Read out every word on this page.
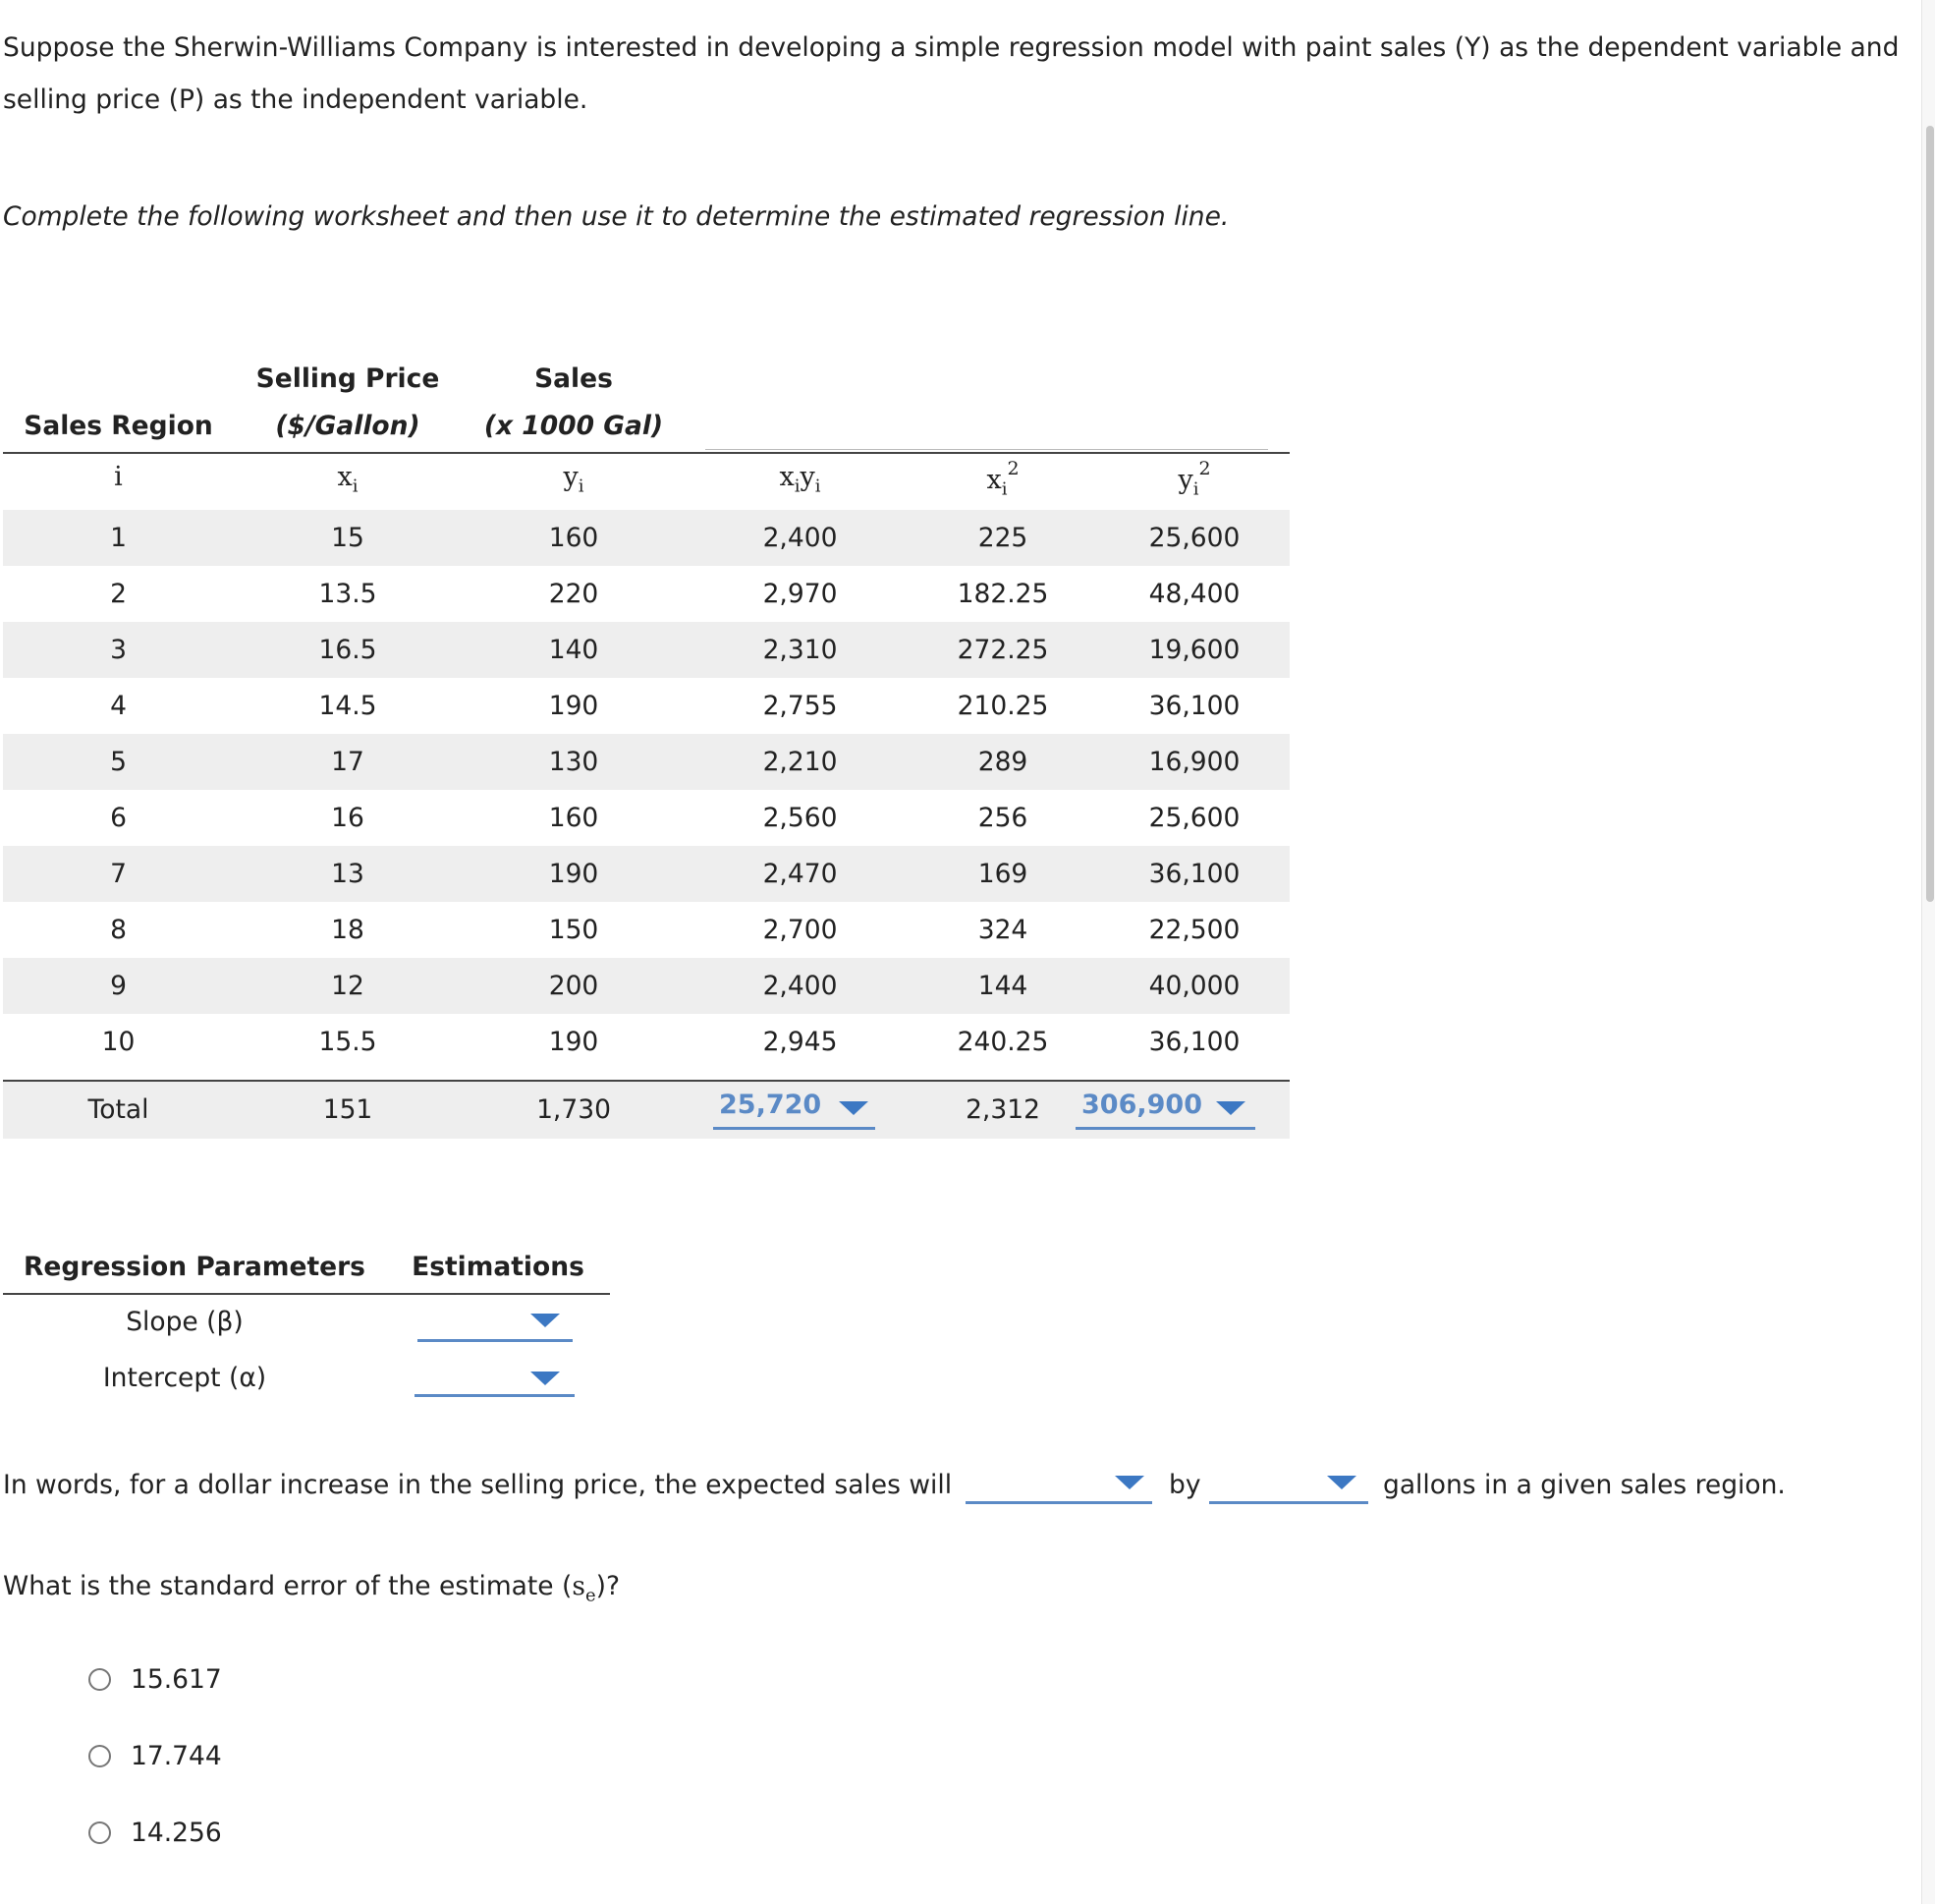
Suppose the Sherwin-Williams Company is interested in developing a simple regression model with paint sales (Y) as the dependent variable and selling price (P) as the independent variable.
Complete the following worksheet and then use it to determine the estimated regression line.
Selling Price	Sales
Sales Region	($/Gallon)	(x 1000 Gal)
i	$x_i$	$y_i$	$x_iy_i$	$x_i^2$	$y_i^2$
1	15	160	2,400	225	25,600
2	13.5	220	2,970	182.25	48,400
3	16.5	140	2,310	272.25	19,600
4	14.5	190	2,755	210.25	36,100
5	17	130	2,210	289	16,900
6	16	160	2,560	256	25,600
7	13	190	2,470	169	36,100
8	18	150	2,700	324	22,500
9	12	200	2,400	144	40,000
10	15.5	190	2,945	240.25	36,100
Total	151	1,730	25,720	2,312	306,900
Regression Parameters	Estimations
Slope (β)
Intercept (α)
In words, for a dollar increase in the selling price, the expected sales will	by	gallons in a given sales region.
What is the standard error of the estimate $(s_e)$?
15.617
17.744
14.256
